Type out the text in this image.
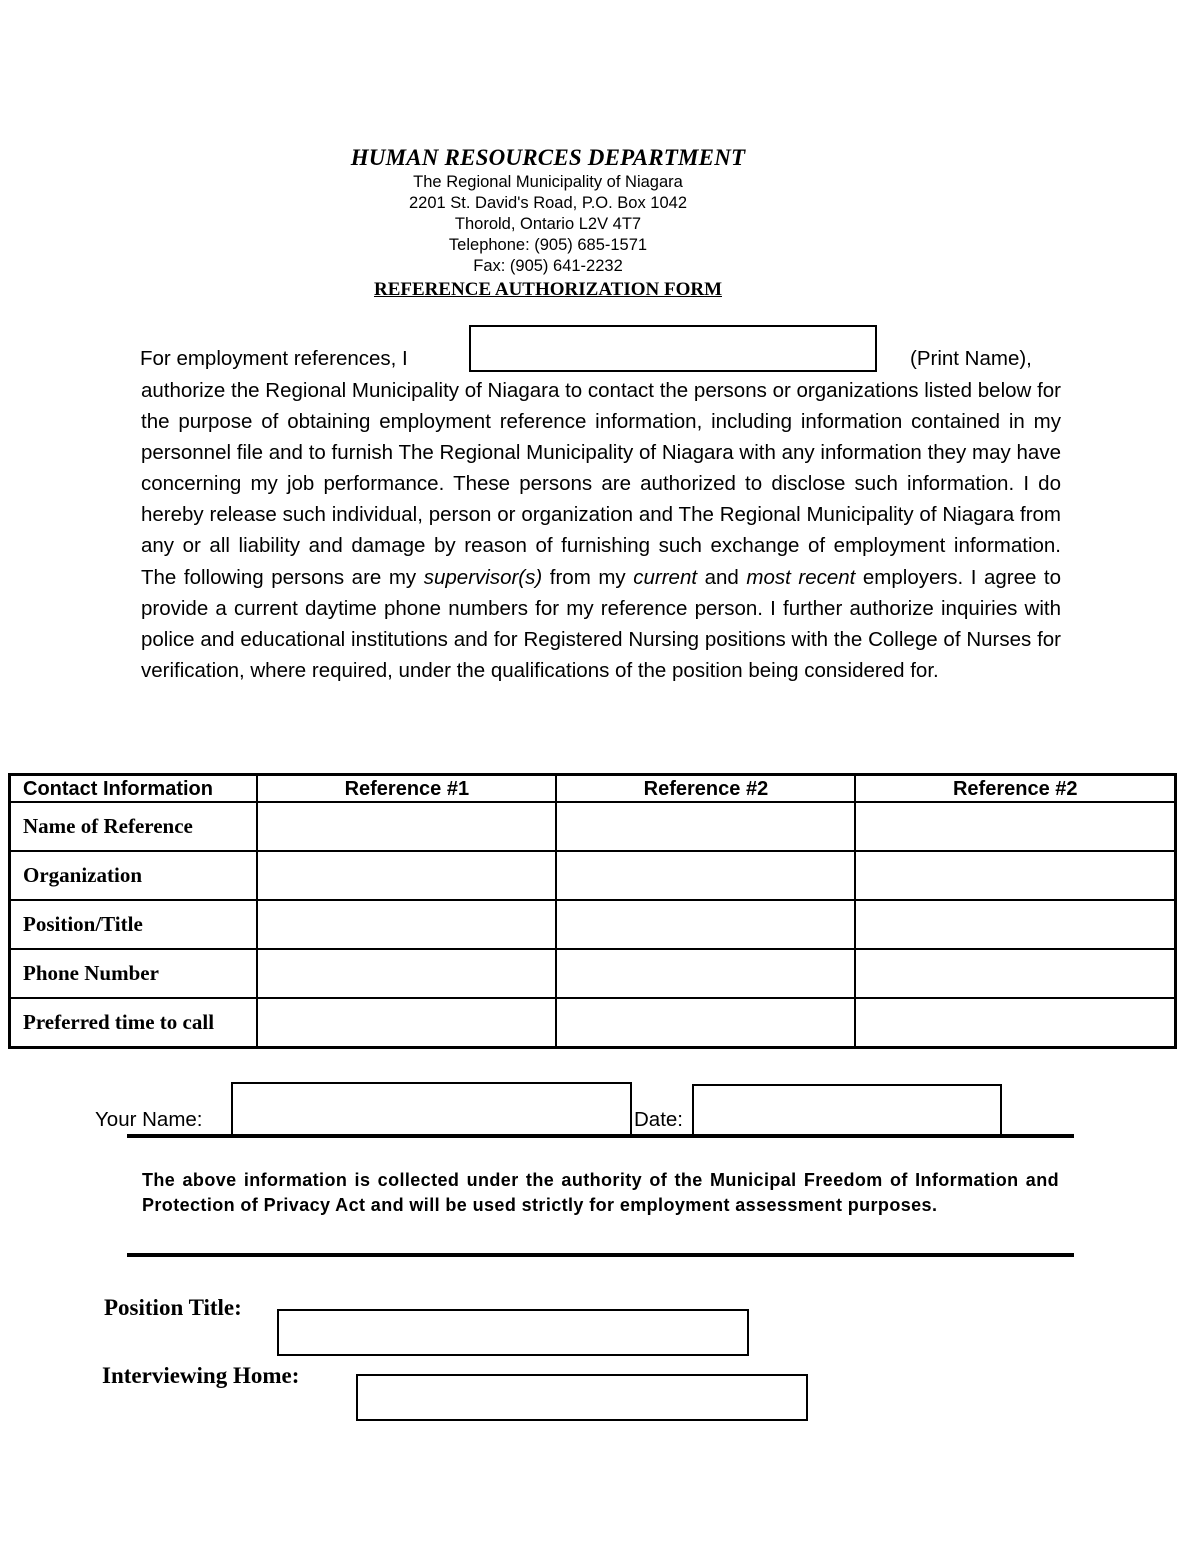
HUMAN RESOURCES DEPARTMENT
The Regional Municipality of Niagara
2201 St. David's Road, P.O. Box 1042
Thorold, Ontario L2V 4T7
Telephone: (905) 685-1571
Fax: (905) 641-2232
REFERENCE AUTHORIZATION FORM
For employment references, I	(Print Name),
authorize the Regional Municipality of Niagara to contact the persons or organizations listed below for the purpose of obtaining employment reference information, including information contained in my personnel file and to furnish The Regional Municipality of Niagara with any information they may have concerning my job performance. These persons are authorized to disclose such information. I do hereby release such individual, person or organization and The Regional Municipality of Niagara from any or all liability and damage by reason of furnishing such exchange of employment information. The following persons are my supervisor(s) from my current and most recent employers. I agree to provide a current daytime phone numbers for my reference person. I further authorize inquiries with police and educational institutions and for Registered Nursing positions with the College of Nurses for verification, where required, under the qualifications of the position being considered for.
Contact Information	Reference #1	Reference #2	Reference #2
Name of Reference			
Organization			
Position/Title			
Phone Number			
Preferred time to call			
Your Name:	Date:
The above information is collected under the authority of the Municipal Freedom of Information and Protection of Privacy Act and will be used strictly for employment assessment purposes.
Position Title:
Interviewing Home:
